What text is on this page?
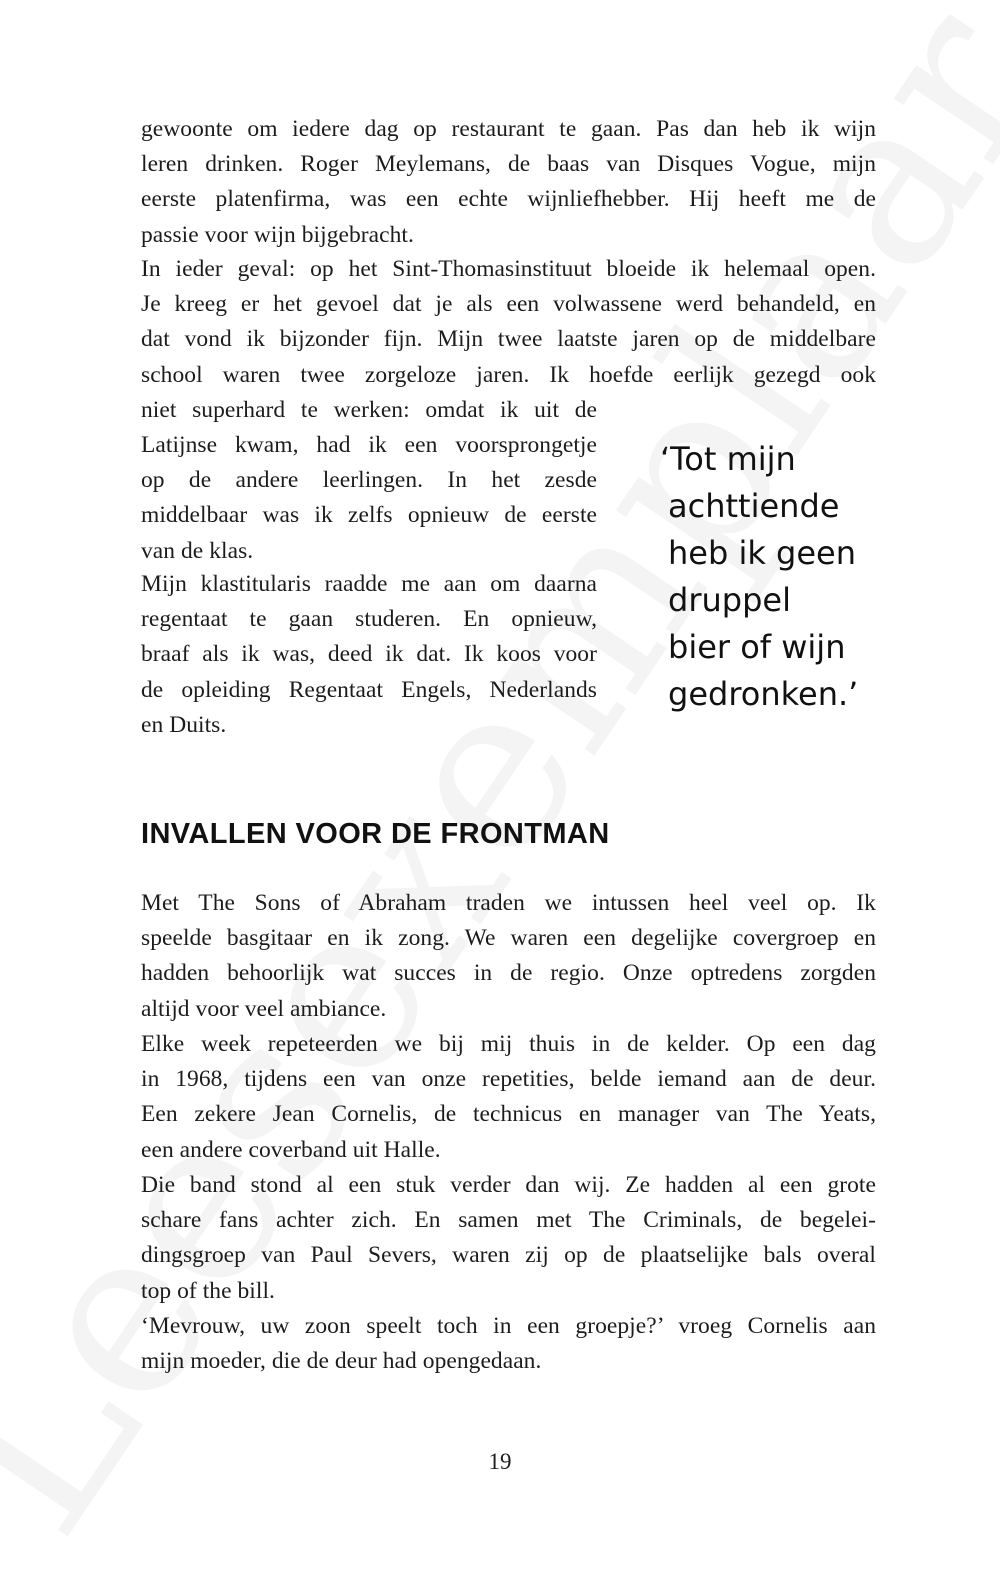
gewoonte om iedere dag op restaurant te gaan. Pas dan heb ik wijn
leren drinken. Roger Meylemans, de baas van Disques Vogue, mijn
eerste platenfirma, was een echte wijnliefhebber. Hij heeft me de
passie voor wijn bijgebracht.

In ieder geval: op het Sint-Thomasinstituut bloeide ik helemaal open.
Je kreeg er het gevoel dat je als een volwassene werd behandeld, en
dat vond ik bijzonder fijn. Mijn twee laatste jaren op de middelbare
school waren twee zorgeloze jaren. Ik hoefde eerlijk gezegd ook
niet superhard te werken: omdat ik uit de
Latijnse kwam, had ik een voorsprongetje
op de andere leerlingen. In het zesde
middelbaar was ik zelfs opnieuw de eerste
van de klas.

Mijn klastitularis raadde me aan om daarna
regentaat te gaan studeren. En opnieuw,
braaf als ik was, deed ik dat. Ik koos voor
de opleiding Regentaat Engels, Nederlands
en Duits.

‘Tot mijn
achttiende
heb ik geen
druppel
bier of wijn
gedronken.’

INVALLEN VOOR DE FRONTMAN

Met The Sons of Abraham traden we intussen heel veel op. Ik
speelde basgitaar en ik zong. We waren een degelijke covergroep en
hadden behoorlijk wat succes in de regio. Onze optredens zorgden
altijd voor veel ambiance.

Elke week repeteerden we bij mij thuis in de kelder. Op een dag
in 1968, tijdens een van onze repetities, belde iemand aan de deur.
Een zekere Jean Cornelis, de technicus en manager van The Yeats,
een andere coverband uit Halle.

Die band stond al een stuk verder dan wij. Ze hadden al een grote
schare fans achter zich. En samen met The Criminals, de begelei-
dingsgroep van Paul Severs, waren zij op de plaatselijke bals overal
top of the bill.

‘Mevrouw, uw zoon speelt toch in een groepje?’ vroeg Cornelis aan
mijn moeder, die de deur had opengedaan.

19
